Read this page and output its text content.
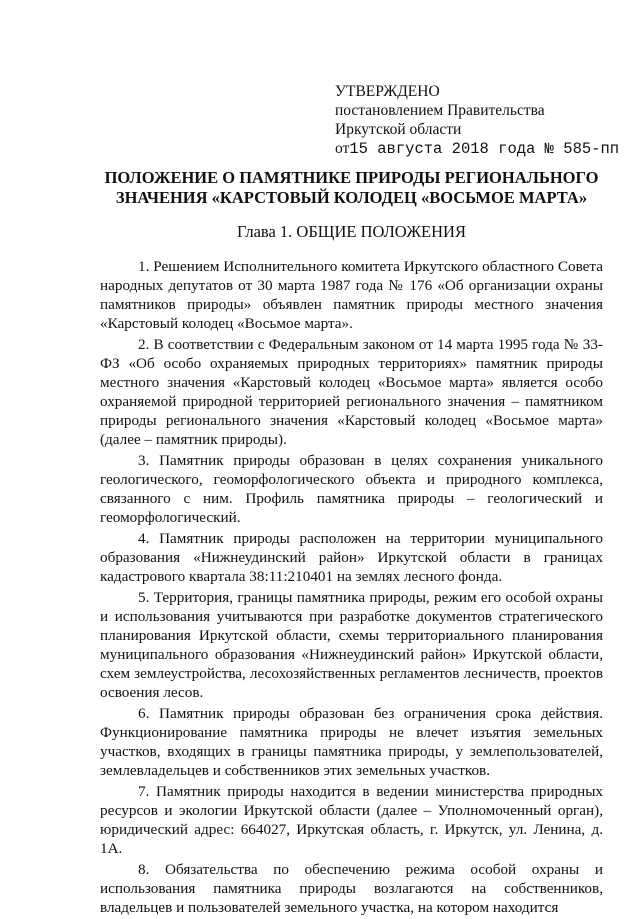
УТВЕРЖДЕНО
постановлением Правительства
Иркутской области
от15 августа 2018 года № 585-пп
ПОЛОЖЕНИЕ О ПАМЯТНИКЕ ПРИРОДЫ РЕГИОНАЛЬНОГО ЗНАЧЕНИЯ «КАРСТОВЫЙ КОЛОДЕЦ «ВОСЬМОЕ МАРТА»
Глава 1. ОБЩИЕ ПОЛОЖЕНИЯ

1. Решением Исполнительного комитета Иркутского областного Совета народных депутатов от 30 марта 1987 года № 176 «Об организации охраны памятников природы» объявлен памятник природы местного значения «Карстовый колодец «Восьмое марта».

2. В соответствии с Федеральным законом от 14 марта 1995 года № 33-ФЗ «Об особо охраняемых природных территориях» памятник природы местного значения «Карстовый колодец «Восьмое марта» является особо охраняемой природной территорией регионального значения – памятником природы регионального значения «Карстовый колодец «Восьмое марта» (далее – памятник природы).

3. Памятник природы образован в целях сохранения уникального геологического, геоморфологического объекта и природного комплекса, связанного с ним. Профиль памятника природы – геологический и геоморфологический.

4. Памятник природы расположен на территории муниципального образования «Нижнеудинский район» Иркутской области в границах кадастрового квартала 38:11:210401 на землях лесного фонда.

5. Территория, границы памятника природы, режим его особой охраны и использования учитываются при разработке документов стратегического планирования Иркутской области, схемы территориального планирования муниципального образования «Нижнеудинский район» Иркутской области, схем землеустройства, лесохозяйственных регламентов лесничеств, проектов освоения лесов.

6. Памятник природы образован без ограничения срока действия. Функционирование памятника природы не влечет изъятия земельных участков, входящих в границы памятника природы, у землепользователей, землевладельцев и собственников этих земельных участков.

7. Памятник природы находится в ведении министерства природных ресурсов и экологии Иркутской области (далее – Уполномоченный орган), юридический адрес: 664027, Иркутская область, г. Иркутск, ул. Ленина, д. 1А.

8. Обязательства по обеспечению режима особой охраны и использования памятника природы возлагаются на собственников, владельцев и пользователей земельного участка, на котором находится
